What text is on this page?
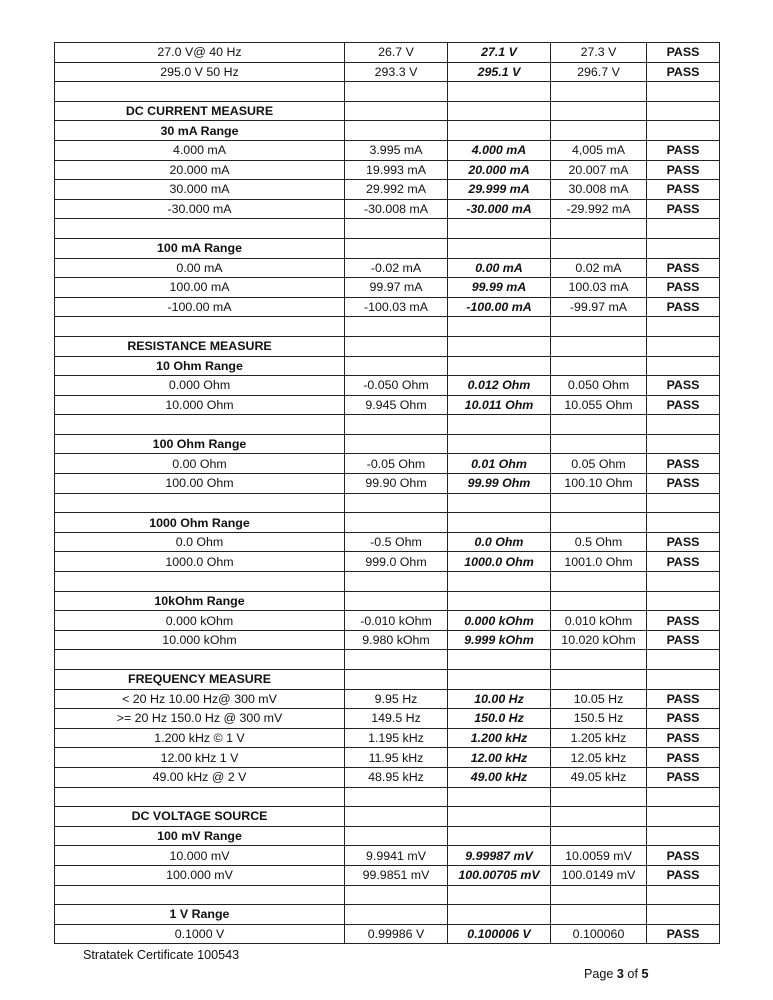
27.0 V@ 40 Hz	26.7 V	27.1 V	27.3 V	PASS
295.0 V 50 Hz	293.3 V	295.1 V	296.7 V	PASS

DC CURRENT MEASURE				
30 mA Range				
4.000 mA	3.995 mA	4.000 mA	4,005 mA	PASS
20.000 mA	19.993 mA	20.000 mA	20.007 mA	PASS
30.000 mA	29.992 mA	29.999 mA	30.008 mA	PASS
-30.000 mA	-30.008 mA	-30.000 mA	-29.992 mA	PASS

100 mA Range				
0.00 mA	-0.02 mA	0.00 mA	0.02 mA	PASS
100.00 mA	99.97 mA	99.99 mA	100.03 mA	PASS
-100.00 mA	-100.03 mA	-100.00 mA	-99.97 mA	PASS

RESISTANCE MEASURE				
10 Ohm Range				
0.000 Ohm	-0.050 Ohm	0.012 Ohm	0.050 Ohm	PASS
10.000 Ohm	9.945 Ohm	10.011 Ohm	10.055 Ohm	PASS

100 Ohm Range				
0.00 Ohm	-0.05 Ohm	0.01 Ohm	0.05 Ohm	PASS
100.00 Ohm	99.90 Ohm	99.99 Ohm	100.10 Ohm	PASS

1000 Ohm Range				
0.0 Ohm	-0.5 Ohm	0.0 Ohm	0.5 Ohm	PASS
1000.0 Ohm	999.0 Ohm	1000.0 Ohm	1001.0 Ohm	PASS

10kOhm Range				
0.000 kOhm	-0.010 kOhm	0.000 kOhm	0.010 kOhm	PASS
10.000 kOhm	9.980 kOhm	9.999 kOhm	10.020 kOhm	PASS

FREQUENCY MEASURE				
< 20 Hz 10.00 Hz@ 300 mV	9.95 Hz	10.00 Hz	10.05 Hz	PASS
>= 20 Hz 150.0 Hz @ 300 mV	149.5 Hz	150.0 Hz	150.5 Hz	PASS
1.200 kHz © 1 V	1.195 kHz	1.200 kHz	1.205 kHz	PASS
12.00 kHz 1 V	11.95 kHz	12.00 kHz	12.05 kHz	PASS
49.00 kHz @ 2 V	48.95 kHz	49.00 kHz	49.05 kHz	PASS

DC VOLTAGE SOURCE				
100 mV Range				
10.000 mV	9.9941 mV	9.99987 mV	10.0059 mV	PASS
100.000 mV	99.9851 mV	100.00705 mV	100.0149 mV	PASS

1 V Range				
0.1000 V	0.99986 V	0.100006 V	0.100060	PASS
Stratatek Certificate 100543
Page 3 of 5
